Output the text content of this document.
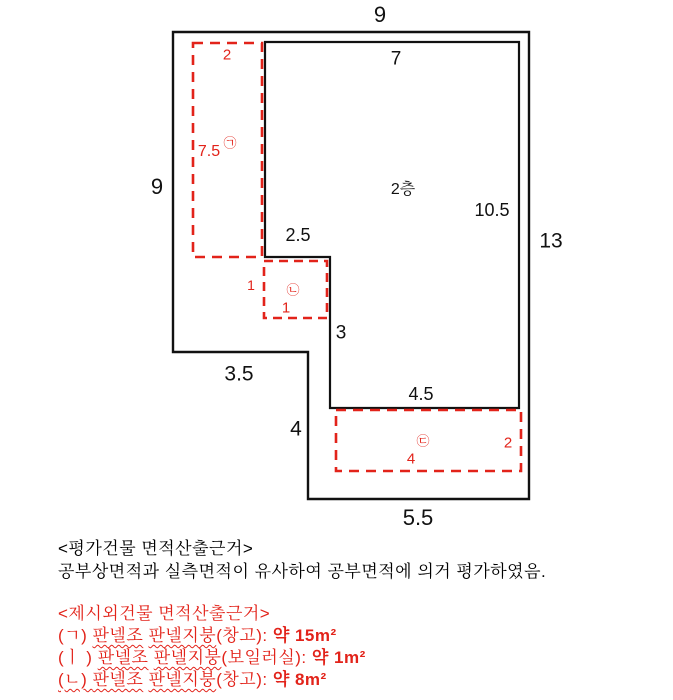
9
9
13
7
10.5
2.5
3
3.5
4
4.5
5.5
2층
2
7.5 ㉠
1 ㉡
1
㉢
4
2

<평가건물 면적산출근거>

공부상면적과 실측면적이 유사하여 공부면적에 의거 평가하였음.

<제시외건물 면적산출근거>

(ㄱ) 판넬조 판넬지붕(창고): 약 15m²

(ㅣ ) 판넬조 판넬지붕(보일러실): 약 1m²

(ㄴ) 판넬조 판넬지붕(창고): 약 8m²
